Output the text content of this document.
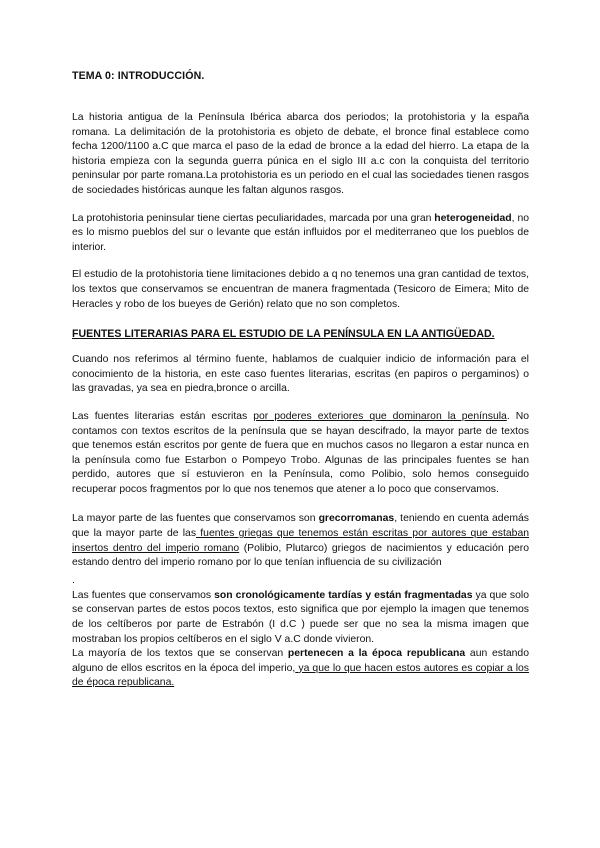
TEMA 0: INTRODUCCIÓN.

La historia antigua de la Península Ibérica abarca dos periodos; la protohistoria y la españa romana. La delimitación de la protohistoria es objeto de debate, el bronce final establece como fecha 1200/1100 a.C que marca el paso de la edad de bronce a la edad del hierro. La etapa de la historia empieza con la segunda guerra púnica en el siglo III a.c con la conquista del territorio peninsular por parte romana.La protohistoria es un periodo en el cual las sociedades tienen rasgos de sociedades históricas aunque les faltan algunos rasgos.

La protohistoria peninsular tiene ciertas peculiaridades, marcada por una gran heterogeneidad, no es lo mismo pueblos del sur o levante que están influidos por el mediterraneo que los pueblos de interior.

El estudio de la protohistoria tiene limitaciones debido a q no tenemos una gran cantidad de textos, los textos que conservamos se encuentran de manera fragmentada (Tesicoro de Eimera; Mito de Heracles y robo de los bueyes de Gerión) relato que no son completos.

FUENTES LITERARIAS PARA EL ESTUDIO DE LA PENÍNSULA EN LA ANTIGÜEDAD.

Cuando nos referimos al término fuente, hablamos de cualquier indicio de información para el conocimiento de la historia, en este caso fuentes literarias, escritas (en papiros o pergaminos) o las gravadas, ya sea en piedra,bronce o arcilla.

Las fuentes literarias están escritas por poderes exteriores que dominaron la península. No contamos con textos escritos de la península que se hayan descifrado, la mayor parte de textos que tenemos están escritos por gente de fuera que en muchos casos no llegaron a estar nunca en la península como fue Estarbon o Pompeyo Trobo. Algunas de las principales fuentes se han perdido, autores que sí estuvieron en la Península, como Polibio, solo hemos conseguido recuperar pocos fragmentos por lo que nos tenemos que atener a lo poco que conservamos.

La mayor parte de las fuentes que conservamos son grecorromanas, teniendo en cuenta además que la mayor parte de las fuentes griegas que tenemos están escritas por autores que estaban insertos dentro del imperio romano (Polibio, Plutarco) griegos de nacimientos y educación pero estando dentro del imperio romano por lo que tenían influencia de su civilización

.

Las fuentes que conservamos son cronológicamente tardías y están fragmentadas ya que solo se conservan partes de estos pocos textos, esto significa que por ejemplo la imagen que tenemos de los celtíberos por parte de Estrabón (I d.C ) puede ser que no sea la misma imagen que mostraban los propios celtíberos en el siglo V a.C donde vivieron.

La mayoría de los textos que se conservan pertenecen a la época republicana aun estando alguno de ellos escritos en la época del imperio, ya que lo que hacen estos autores es copiar a los de época republicana.
